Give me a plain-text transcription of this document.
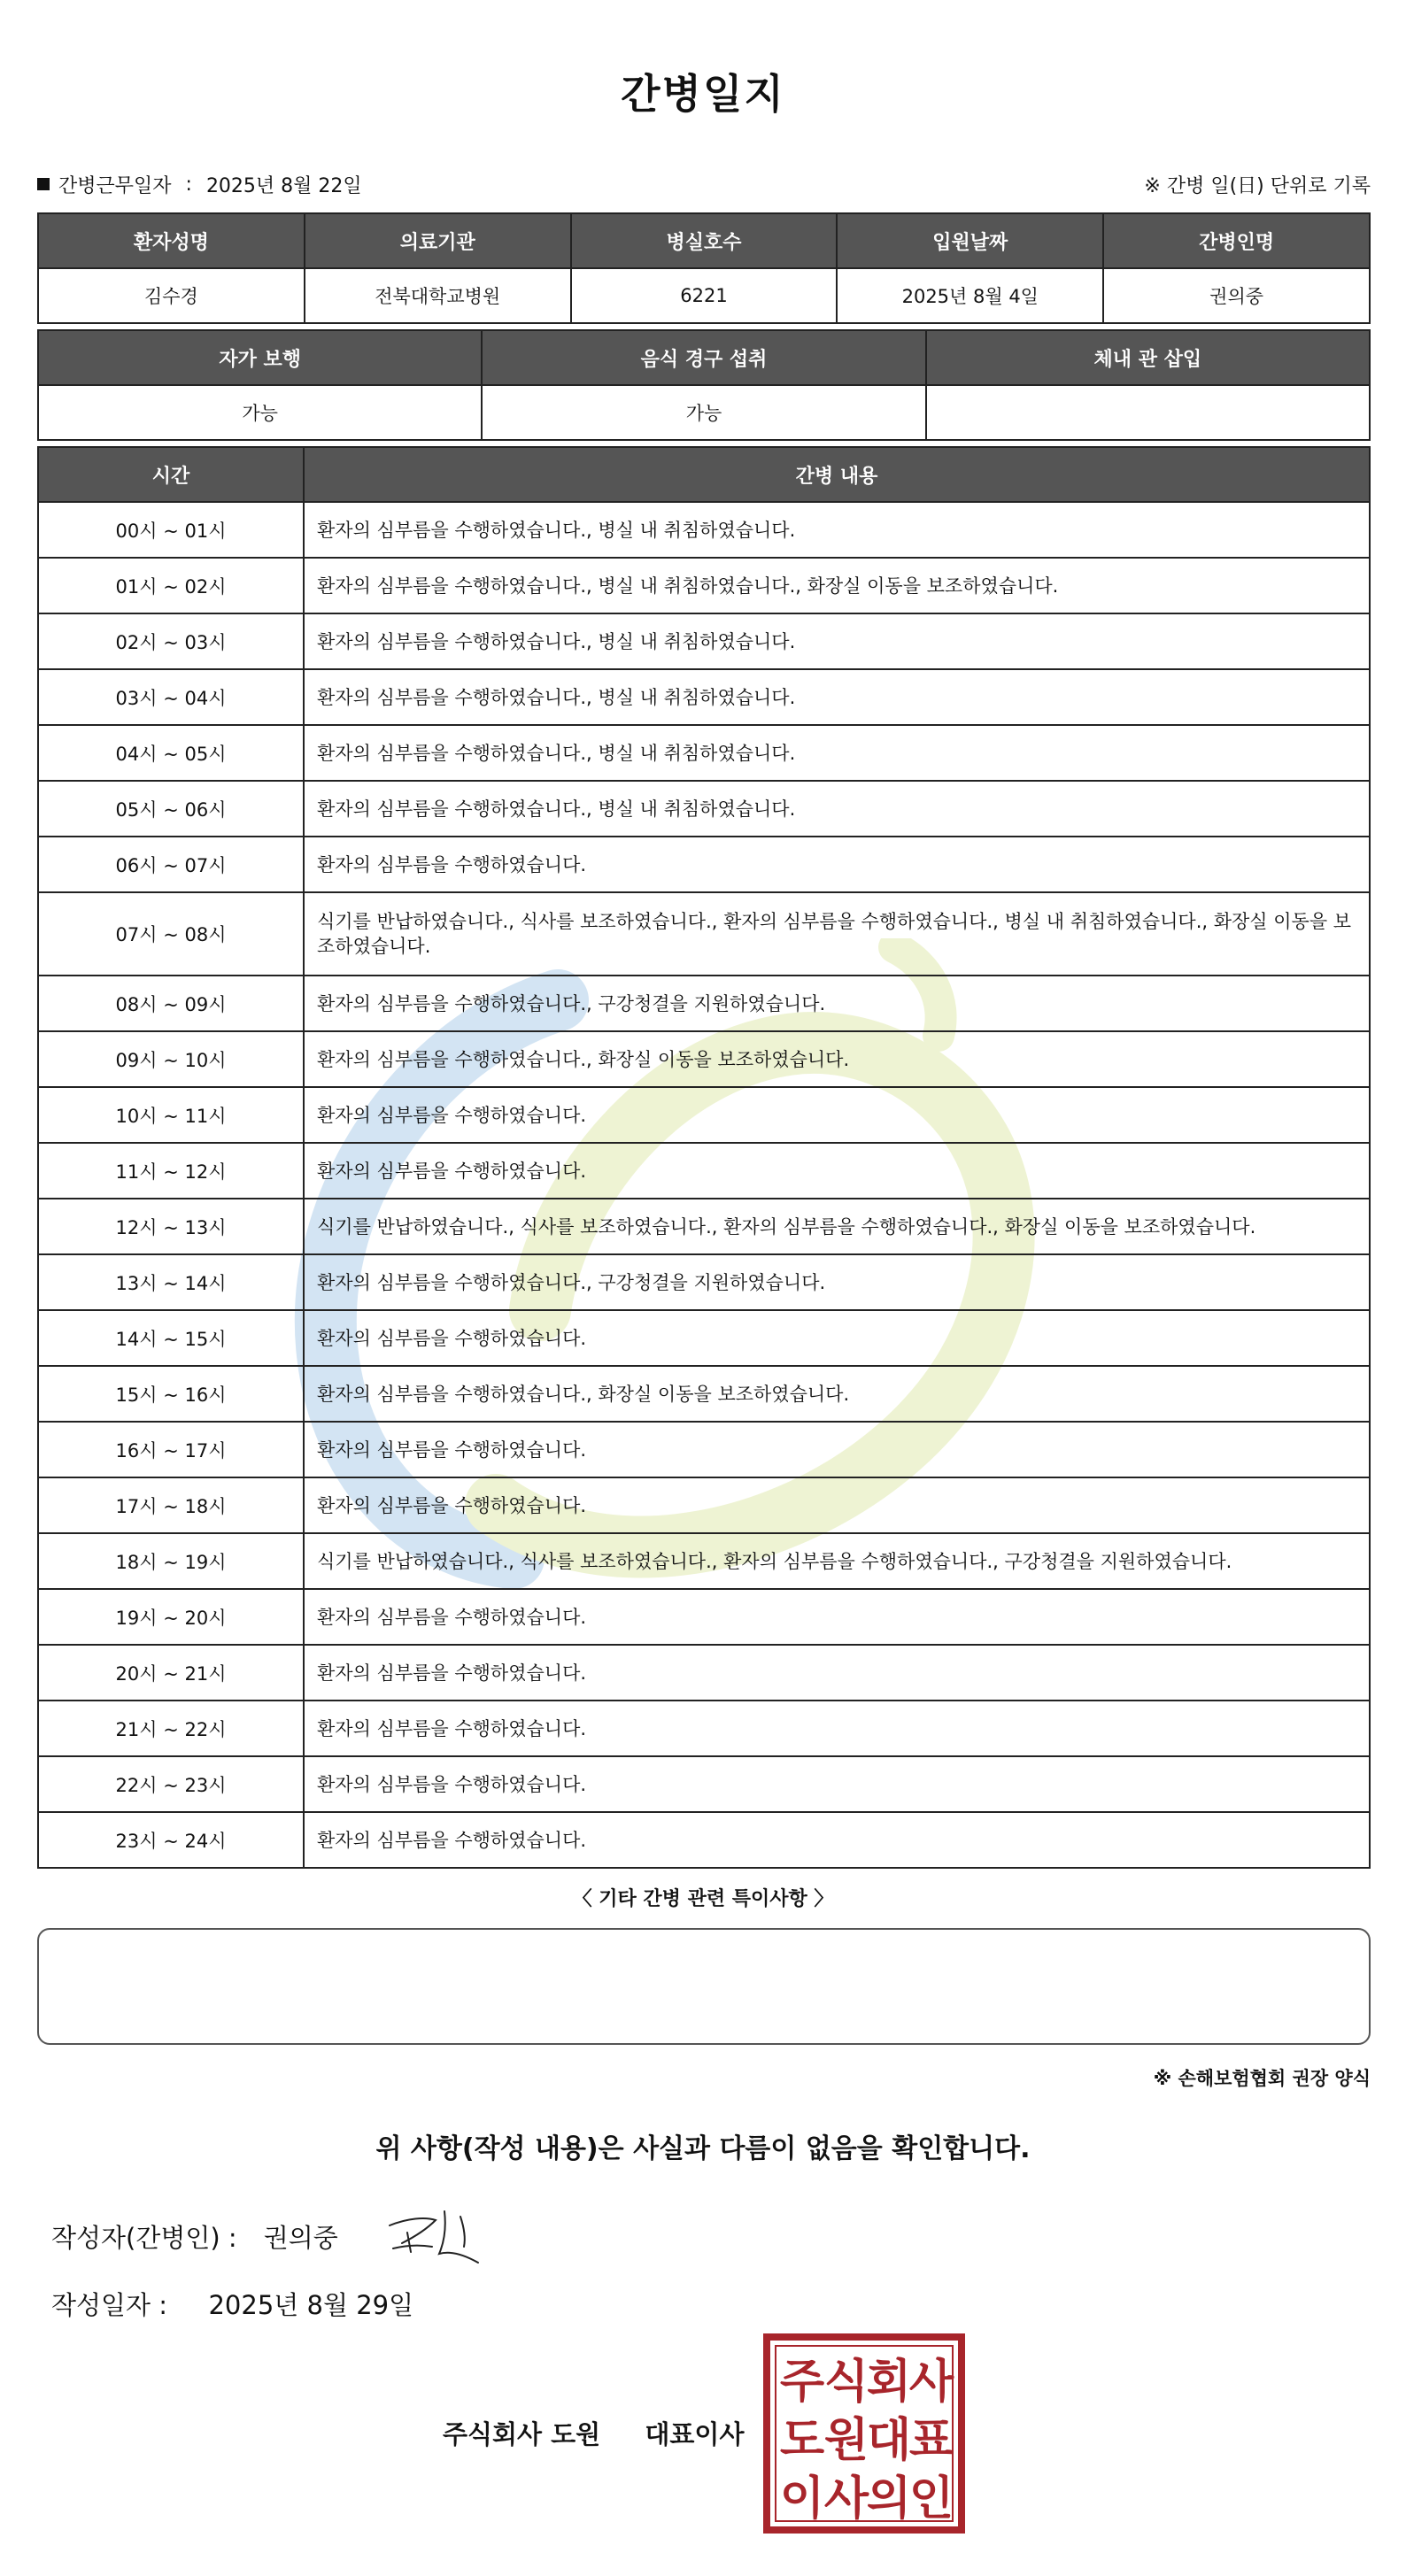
간병일지
간병근무일자 : 2025년 8월 22일	※ 간병 일(日) 단위로 기록
환자성명	의료기관	병실호수	입원날짜	간병인명
김수경	전북대학교병원	6221	2025년 8월 4일	권의중
자가 보행	음식 경구 섭취	체내 관 삽입
가능	가능	
시간	간병 내용
00시 ~ 01시	환자의 심부름을 수행하였습니다., 병실 내 취침하였습니다.
01시 ~ 02시	환자의 심부름을 수행하였습니다., 병실 내 취침하였습니다., 화장실 이동을 보조하였습니다.
02시 ~ 03시	환자의 심부름을 수행하였습니다., 병실 내 취침하였습니다.
03시 ~ 04시	환자의 심부름을 수행하였습니다., 병실 내 취침하였습니다.
04시 ~ 05시	환자의 심부름을 수행하였습니다., 병실 내 취침하였습니다.
05시 ~ 06시	환자의 심부름을 수행하였습니다., 병실 내 취침하였습니다.
06시 ~ 07시	환자의 심부름을 수행하였습니다.
07시 ~ 08시	식기를 반납하였습니다., 식사를 보조하였습니다., 환자의 심부름을 수행하였습니다., 병실 내 취침하였습니다., 화장실 이동을 보조하였습니다.
08시 ~ 09시	환자의 심부름을 수행하였습니다., 구강청결을 지원하였습니다.
09시 ~ 10시	환자의 심부름을 수행하였습니다., 화장실 이동을 보조하였습니다.
10시 ~ 11시	환자의 심부름을 수행하였습니다.
11시 ~ 12시	환자의 심부름을 수행하였습니다.
12시 ~ 13시	식기를 반납하였습니다., 식사를 보조하였습니다., 환자의 심부름을 수행하였습니다., 화장실 이동을 보조하였습니다.
13시 ~ 14시	환자의 심부름을 수행하였습니다., 구강청결을 지원하였습니다.
14시 ~ 15시	환자의 심부름을 수행하였습니다.
15시 ~ 16시	환자의 심부름을 수행하였습니다., 화장실 이동을 보조하였습니다.
16시 ~ 17시	환자의 심부름을 수행하였습니다.
17시 ~ 18시	환자의 심부름을 수행하였습니다.
18시 ~ 19시	식기를 반납하였습니다., 식사를 보조하였습니다., 환자의 심부름을 수행하였습니다., 구강청결을 지원하였습니다.
19시 ~ 20시	환자의 심부름을 수행하였습니다.
20시 ~ 21시	환자의 심부름을 수행하였습니다.
21시 ~ 22시	환자의 심부름을 수행하였습니다.
22시 ~ 23시	환자의 심부름을 수행하였습니다.
23시 ~ 24시	환자의 심부름을 수행하였습니다.
〈 기타 간병 관련 특이사항 〉
※ 손해보험협회 권장 양식
위 사항(작성 내용)은 사실과 다름이 없음을 확인합니다.
작성자(간병인) : 권의중
작성일자 : 2025년 8월 29일
주식회사 도원 대표이사
주 식
회
사
도 원
대
표
이 사
의
인
